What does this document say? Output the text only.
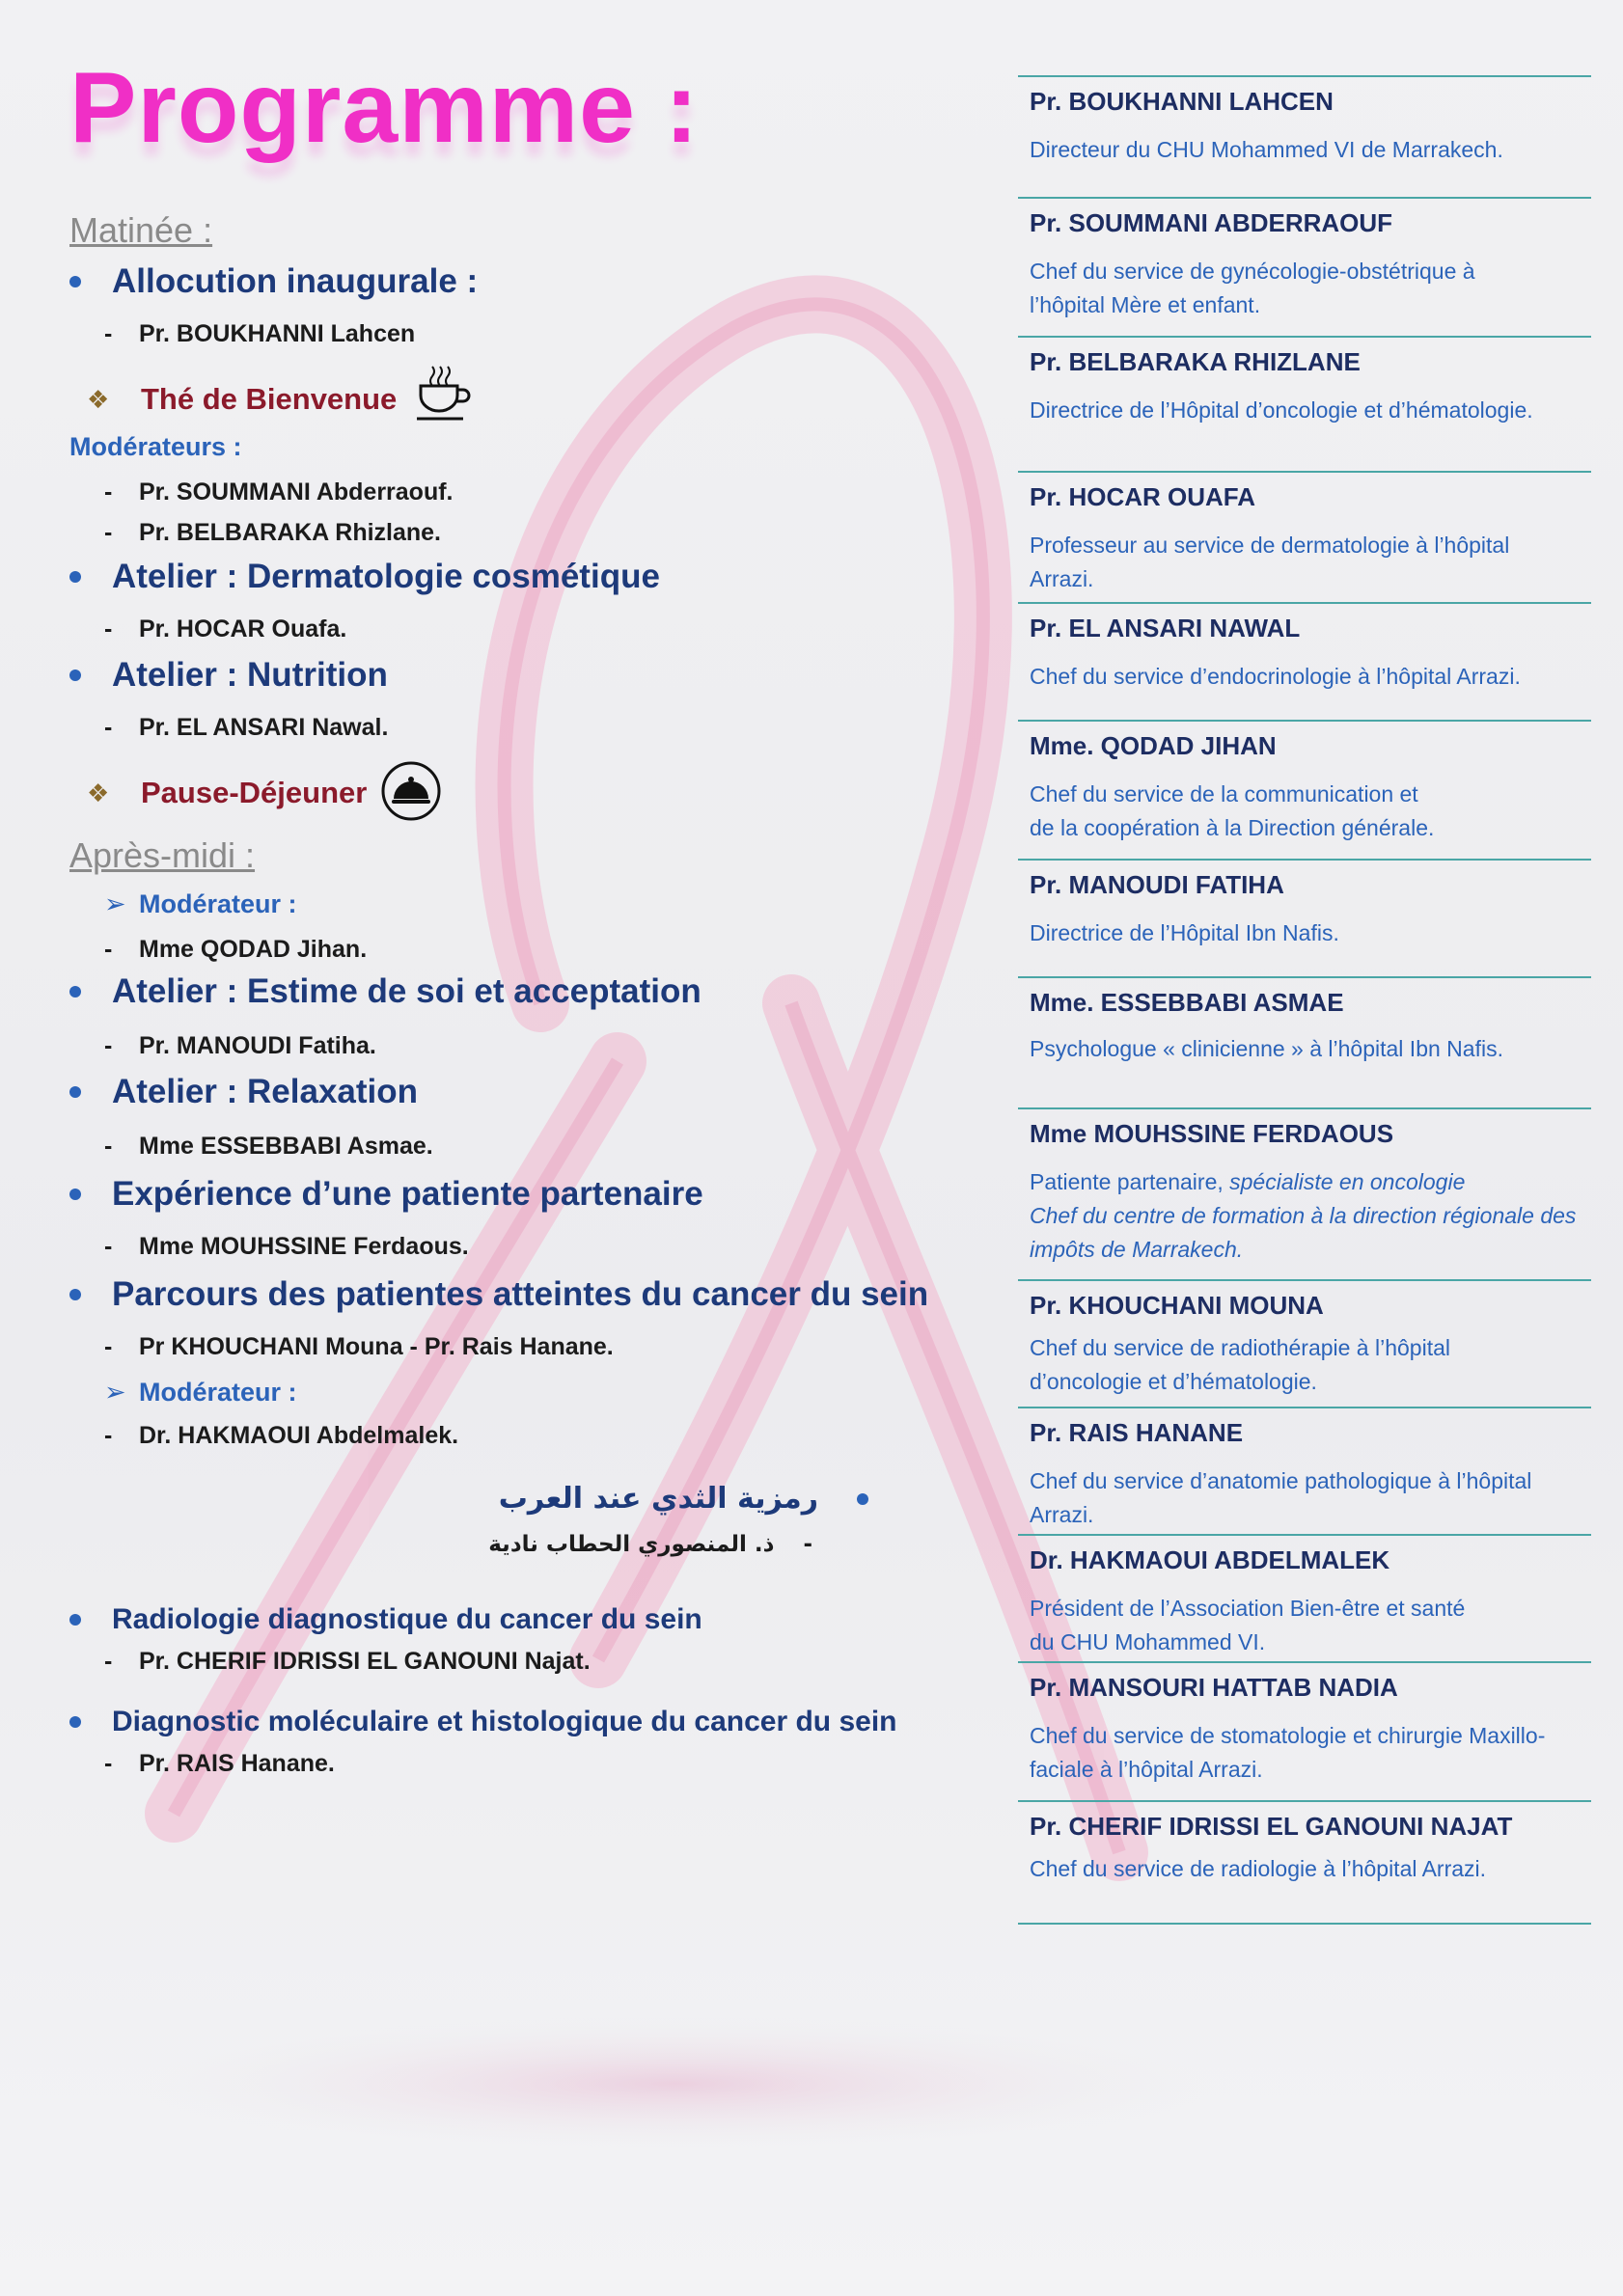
Programme :
Matinée :
Allocution inaugurale :
-	Pr. BOUKHANNI Lahcen
❖	Thé de Bienvenue
Modérateurs :
-	Pr. SOUMMANI Abderraouf.
-	Pr. BELBARAKA Rhizlane.
Atelier : Dermatologie cosmétique
-	Pr. HOCAR Ouafa.
Atelier : Nutrition
-	Pr. EL ANSARI Nawal.
❖	Pause-Déjeuner
Après-midi :
➢ Modérateur :
-	Mme QODAD Jihan.
Atelier : Estime de soi et acceptation
-	Pr. MANOUDI Fatiha.
Atelier : Relaxation
-	Mme ESSEBBABI Asmae.
Expérience d’une patiente partenaire
-	Mme MOUHSSINE Ferdaous.
Parcours des patientes atteintes du cancer du sein
-	Pr KHOUCHANI Mouna - Pr. Rais Hanane.
➢ Modérateur :
-	Dr. HAKMAOUI Abdelmalek.
رمزية الثدي عند العرب
-
ذ. المنصوري الحطاب نادية
Radiologie diagnostique du cancer du sein
-	Pr. CHERIF IDRISSI EL GANOUNI Najat.
Diagnostic moléculaire et histologique du cancer du sein
-	Pr. RAIS Hanane.
Pr. BOUKHANNI LAHCEN
Directeur du CHU Mohammed VI de Marrakech.
Pr. SOUMMANI ABDERRAOUF
Chef du service de gynécologie-obstétrique à
l’hôpital Mère et enfant.
Pr. BELBARAKA RHIZLANE
Directrice de l’Hôpital d’oncologie et d’hématologie.
Pr. HOCAR OUAFA
Professeur au service de dermatologie à l’hôpital
Arrazi.
Pr. EL ANSARI NAWAL
Chef du service d’endocrinologie à l’hôpital Arrazi.
Mme. QODAD JIHAN
Chef du service de la communication et
de la coopération à la Direction générale.
Pr. MANOUDI FATIHA
Directrice de l’Hôpital Ibn Nafis.
Mme. ESSEBBABI ASMAE
Psychologue « clinicienne » à l’hôpital Ibn Nafis.
Mme MOUHSSINE FERDAOUS
Patiente partenaire, spécialiste en oncologie
Chef du centre de formation à la direction régionale des
impôts de Marrakech.
Pr. KHOUCHANI MOUNA
Chef du service de radiothérapie à l’hôpital
d’oncologie et d’hématologie.
Pr. RAIS HANANE
Chef du service d’anatomie pathologique à l’hôpital
Arrazi.
Dr. HAKMAOUI ABDELMALEK
Président de l’Association Bien-être et santé
du CHU Mohammed VI.
Pr. MANSOURI HATTAB NADIA
Chef du service de stomatologie et chirurgie Maxillo-
faciale à l’hôpital Arrazi.
Pr. CHERIF IDRISSI EL GANOUNI NAJAT
Chef du service de radiologie à l’hôpital Arrazi.
